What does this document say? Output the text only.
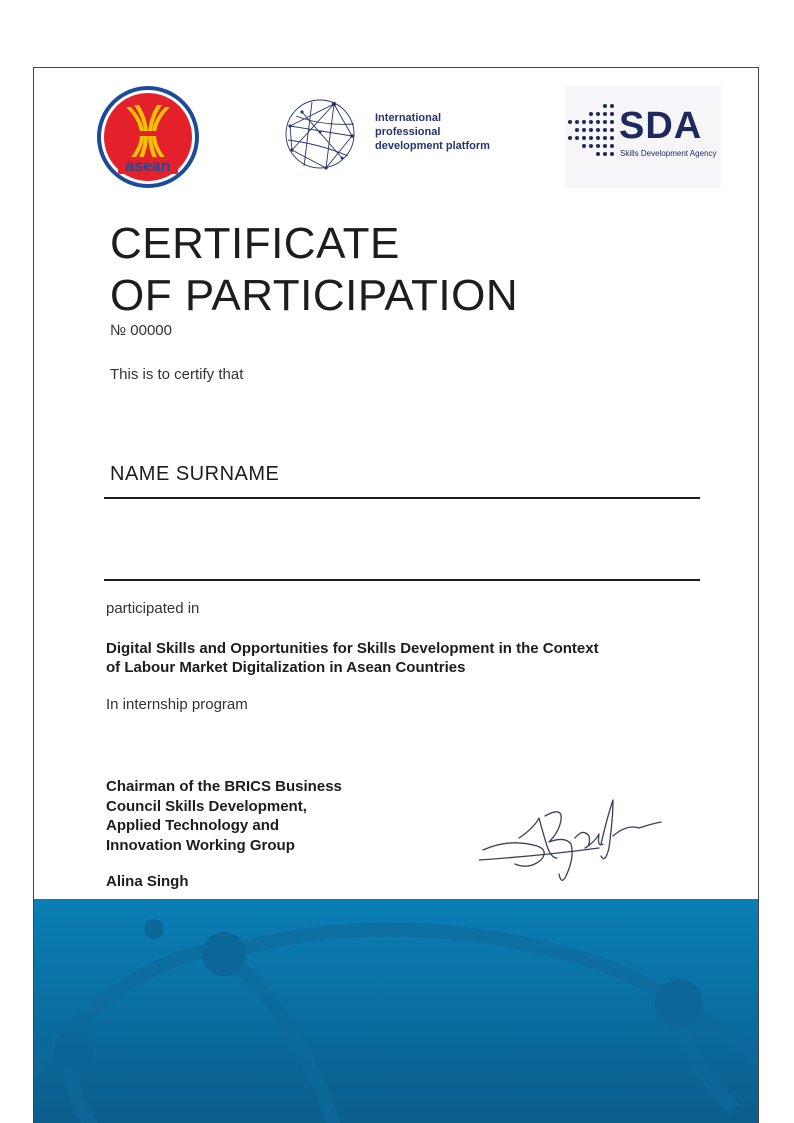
asean
International
professional
development platform	SDA
Skills Development Agency
CERTIFICATE
OF PARTICIPATION
№ 00000
This is to certify that
NAME SURNAME
participated in
Digital Skills and Opportunities for Skills Development in the Context
of Labour Market Digitalization in Asean Countries
In internship program
Chairman of the BRICS Business
Council Skills Development,
Applied Technology and
Innovation Working Group
Alina Singh
